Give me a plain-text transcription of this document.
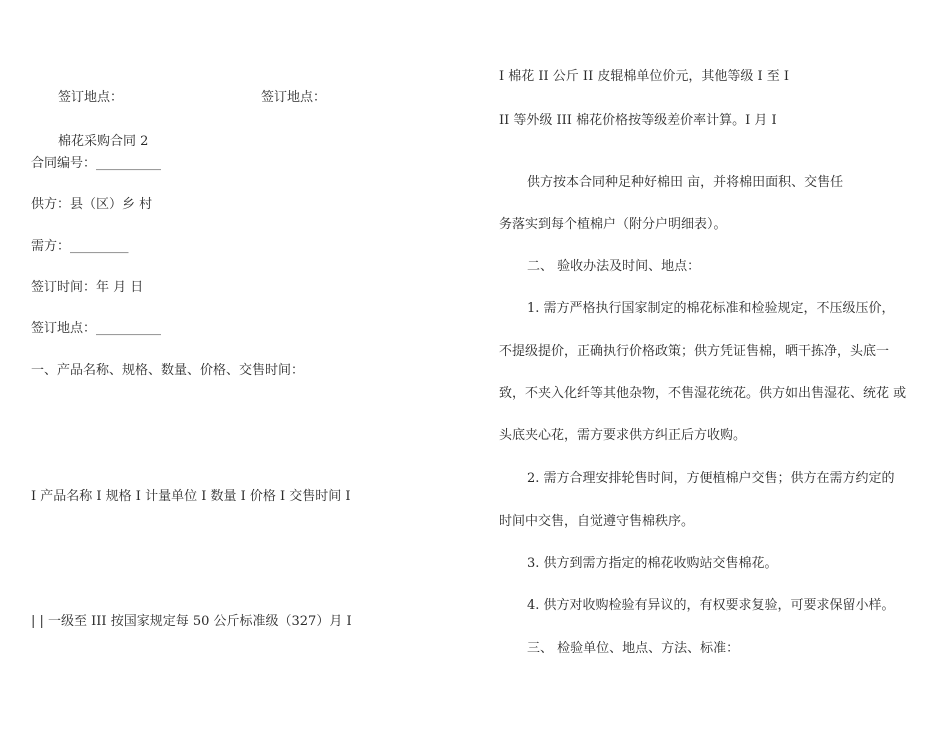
签订地点：	签订地点：
棉花采购合同 2
合同编号：__________
供方：县（区）乡 村
需方：_________
签订时间：年 月 日
签订地点：__________
一、产品名称、规格、数量、价格、交售时间：
I 产品名称 I 规格 I 计量单位 I 数量 I 价格 I 交售时间 I
| | 一级至 III 按国家规定每 50 公斤标准级（327）月 I
I 棉花 II 公斤 II 皮辊棉单位价元，其他等级 I 至 I
II 等外级 III 棉花价格按等级差价率计算。I 月 I
供方按本合同种足种好棉田 亩，并将棉田面积、交售任
务落实到每个植棉户（附分户明细表）。
二、 验收办法及时间、地点：
1. 需方严格执行国家制定的棉花标准和检验规定，不压级压价，
不提级提价，正确执行价格政策；供方凭证售棉，晒干拣净，头底一
致，不夹入化纤等其他杂物，不售湿花统花。供方如出售湿花、统花 或
头底夹心花，需方要求供方纠正后方收购。
2. 需方合理安排轮售时间，方便植棉户交售；供方在需方约定的
时间中交售，自觉遵守售棉秩序。
3. 供方到需方指定的棉花收购站交售棉花。
4. 供方对收购检验有异议的，有权要求复验，可要求保留小样。
三、 检验单位、地点、方法、标准：
